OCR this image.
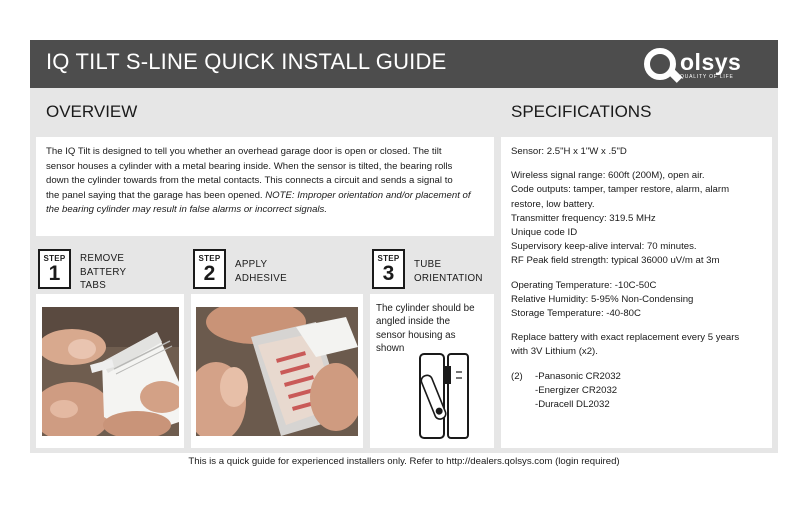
IQ TILT S-LINE QUICK INSTALL GUIDE	olsys
QUALITY OF LIFE
OVERVIEW	SPECIFICATIONS
The IQ Tilt is designed to tell you whether an overhead garage door is open or closed. The tilt
sensor houses a cylinder with a metal bearing inside. When the sensor is tilted, the bearing rolls
down the cylinder towards from the metal contacts. This connects a circuit and sends a signal to
the panel saying that the garage has been opened. NOTE: Improper orientation and/or placement of
the bearing cylinder may result in false alarms or incorrect signals.
Sensor: 2.5"H x 1"W x .5"D
Wireless signal range: 600ft (200M), open air.
Code outputs: tamper, tamper restore, alarm, alarm
restore, low battery.
Transmitter frequency: 319.5 MHz
Unique code ID
Supervisory keep-alive interval: 70 minutes.
RF Peak field strength: typical 36000 uV/m at 3m
Operating Temperature: -10C-50C
Relative Humidity: 5-95% Non-Condensing
Storage Temperature: -40-80C
Replace battery with exact replacement every 5 years
with 3V Lithium (x2).
(2)	-Panasonic CR2032
-Energizer CR2032
-Duracell DL2032
STEP
1
REMOVE
BATTERY
TABS
STEP
2	APPLY
ADHESIVE
STEP
3	TUBE
ORIENTATION
The cylinder should be
angled inside the
sensor housing as
shown
This is a quick guide for experienced installers only. Refer to http://dealers.qolsys.com (login required)
